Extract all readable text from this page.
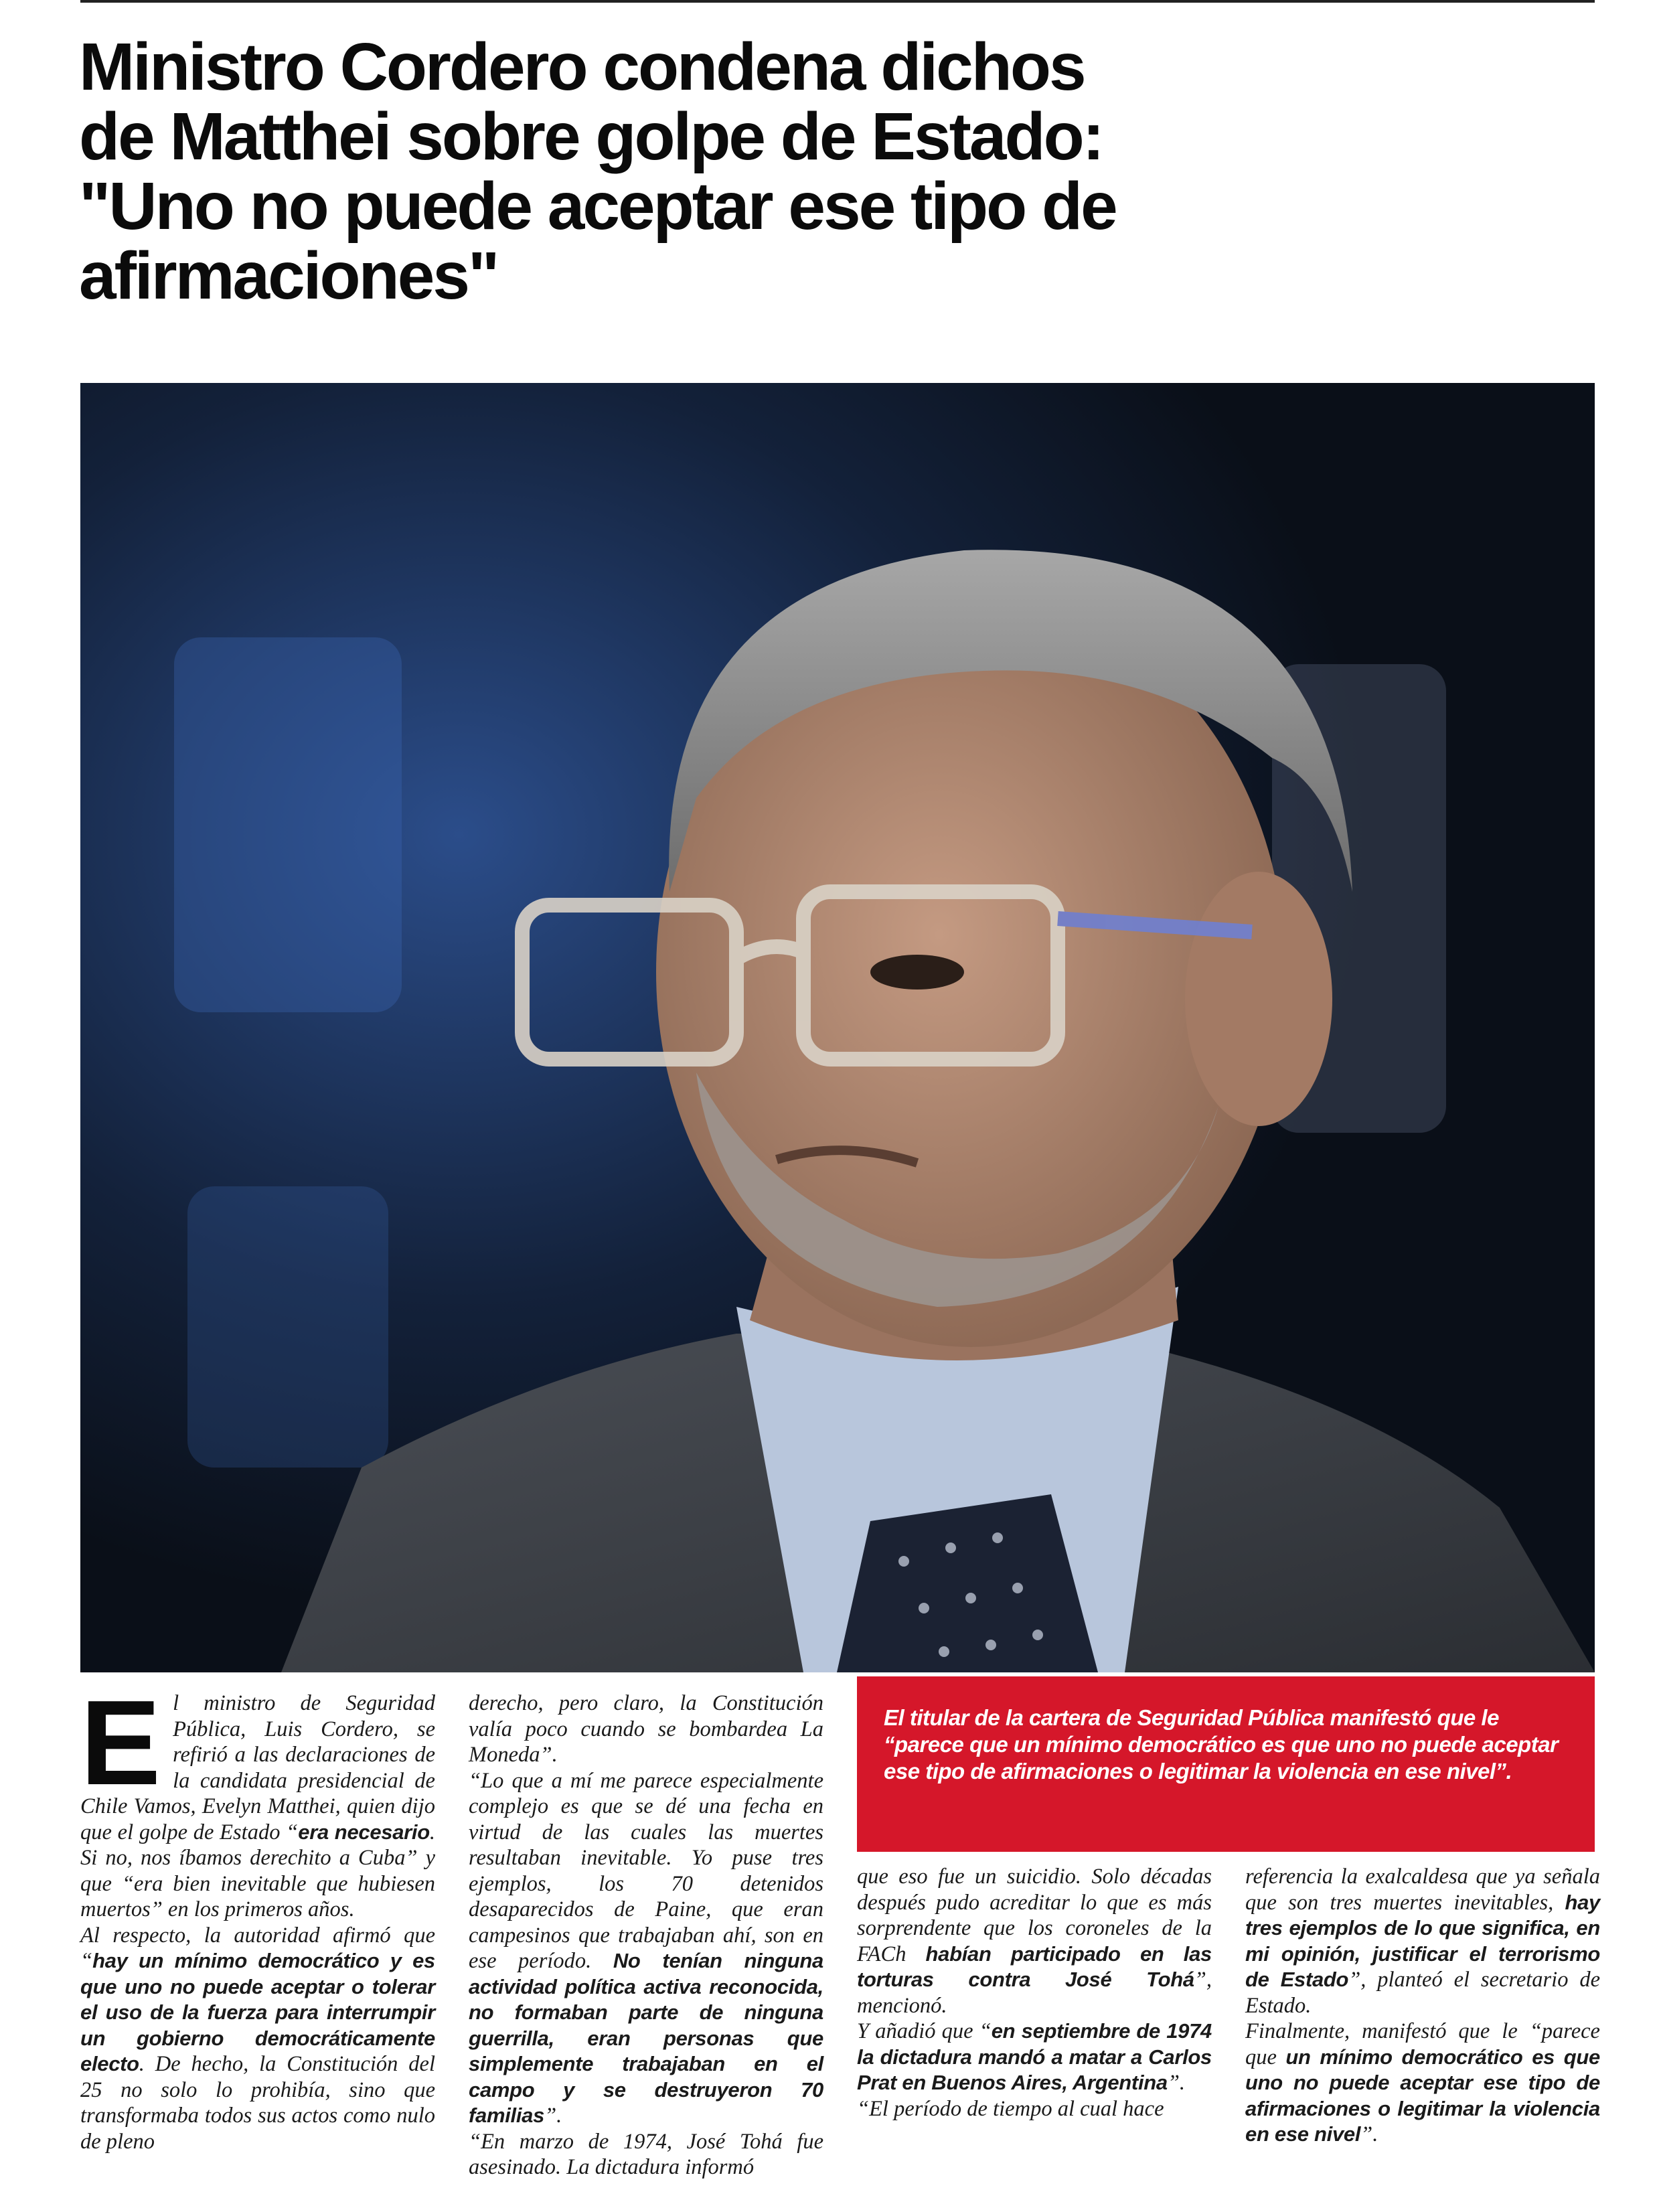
Ministro Cordero condena dichos
de Matthei sobre golpe de Estado:
"Uno no puede aceptar ese tipo de
afirmaciones"

El ministro de Seguridad Pública, Luis Cordero, se refirió a las declaraciones de la candidata presidencial de Chile Vamos, Evelyn Matthei, quien dijo que el golpe de Estado “era necesario. Si no, nos íbamos derechito a Cuba” y que “era bien inevitable que hubiesen muertos” en los primeros años.

Al respecto, la autoridad afirmó que “hay un mínimo democrático y es que uno no puede aceptar o tolerar el uso de la fuerza para interrumpir un gobierno democráticamente electo. De hecho, la Constitución del 25 no solo lo prohibía, sino que transformaba todos sus actos como nulo de pleno

derecho, pero claro, la Constitución valía poco cuando se bombardea La Moneda”.

“Lo que a mí me parece especialmente complejo es que se dé una fecha en virtud de las cuales las muertes resultaban inevitable. Yo puse tres ejemplos, los 70 detenidos desaparecidos de Paine, que eran campesinos que trabajaban ahí, son en ese período. No tenían ninguna actividad política activa reconocida, no formaban parte de ninguna guerrilla, eran personas que simplemente trabajaban en el campo y se destruyeron 70 familias”.

“En marzo de 1974, José Tohá fue asesinado. La dictadura informó

El titular de la cartera de Seguridad Pública manifestó que le “parece que un mínimo democrático es que uno no puede aceptar ese tipo de afirmaciones o legitimar la violencia en ese nivel”.

que eso fue un suicidio. Solo décadas después pudo acreditar lo que es más sorprendente que los coroneles de la FACh habían participado en las torturas contra José Tohá”, mencionó.

Y añadió que “en septiembre de 1974 la dictadura mandó a matar a Carlos Prat en Buenos Aires, Argentina”.

“El período de tiempo al cual hace

referencia la exalcaldesa que ya señala que son tres muertes inevitables, hay tres ejemplos de lo que significa, en mi opinión, justificar el terrorismo de Estado”, planteó el secretario de Estado.

Finalmente, manifestó que le “parece que un mínimo democrático es que uno no puede aceptar ese tipo de afirmaciones o legitimar la violencia en ese nivel”.
